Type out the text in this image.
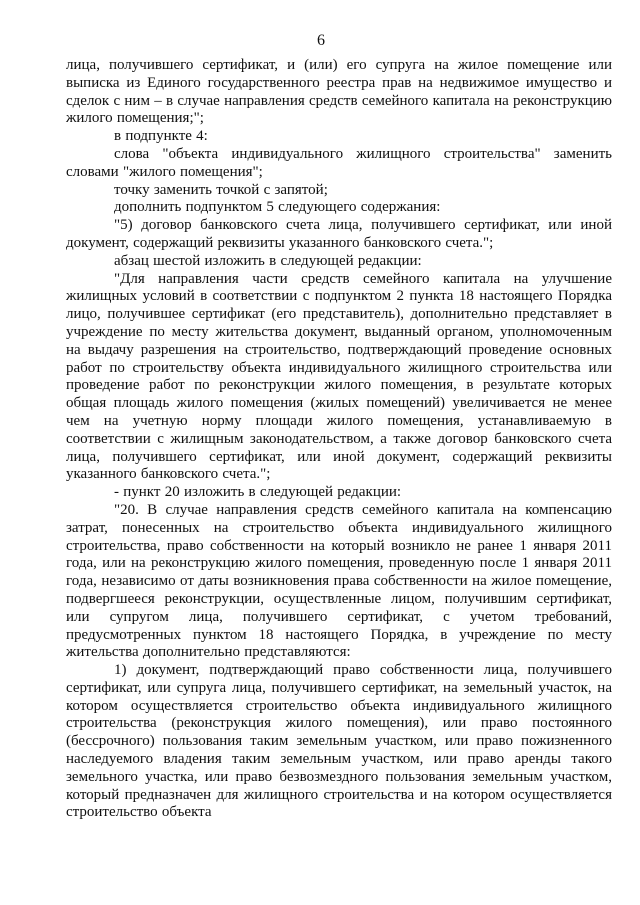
6

лица, получившего сертификат, и (или) его супруга на жилое помещение или выписка из Единого государственного реестра прав на недвижимое имущество и сделок с ним – в случае направления средств семейного капитала на реконструкцию жилого помещения;";

в подпункте 4:

слова "объекта индивидуального жилищного строительства" заменить словами "жилого помещения";

точку заменить точкой с запятой;

дополнить подпунктом 5 следующего содержания:

"5) договор банковского счета лица, получившего сертификат, или иной документ, содержащий реквизиты указанного банковского счета.";

абзац шестой изложить в следующей редакции:

"Для направления части средств семейного капитала на улучшение жилищных условий в соответствии с подпунктом 2 пункта 18 настоящего Порядка лицо, получившее сертификат (его представитель), дополнительно представляет в учреждение по месту жительства документ, выданный органом, уполномоченным на выдачу разрешения на строительство, подтверждающий проведение основных работ по строительству объекта индивидуального жилищного строительства или проведение работ по реконструкции жилого помещения, в результате которых общая площадь жилого помещения (жилых помещений) увеличивается не менее чем на учетную норму площади жилого помещения, устанавливаемую в соответствии с жилищным законодательством, а также договор банковского счета лица, получившего сертификат, или иной документ, содержащий реквизиты указанного банковского счета.";

- пункт 20 изложить в следующей редакции:

"20. В случае направления средств семейного капитала на компенсацию затрат, понесенных на строительство объекта индивидуального жилищного строительства, право собственности на который возникло не ранее 1 января 2011 года, или на реконструкцию жилого помещения, проведенную после 1 января 2011 года, независимо от даты возникновения права собственности на жилое помещение, подвергшееся реконструкции, осуществленные лицом, получившим сертификат, или супругом лица, получившего сертификат, с учетом требований, предусмотренных пунктом 18 настоящего Порядка, в учреждение по месту жительства дополнительно представляются:

1) документ, подтверждающий право собственности лица, получившего сертификат, или супруга лица, получившего сертификат, на земельный участок, на котором осуществляется строительство объекта индивидуального жилищного строительства (реконструкция жилого помещения), или право постоянного (бессрочного) пользования таким земельным участком, или право пожизненного наследуемого владения таким земельным участком, или право аренды такого земельного участка, или право безвозмездного пользования земельным участком, который предназначен для жилищного строительства и на котором осуществляется строительство объекта
